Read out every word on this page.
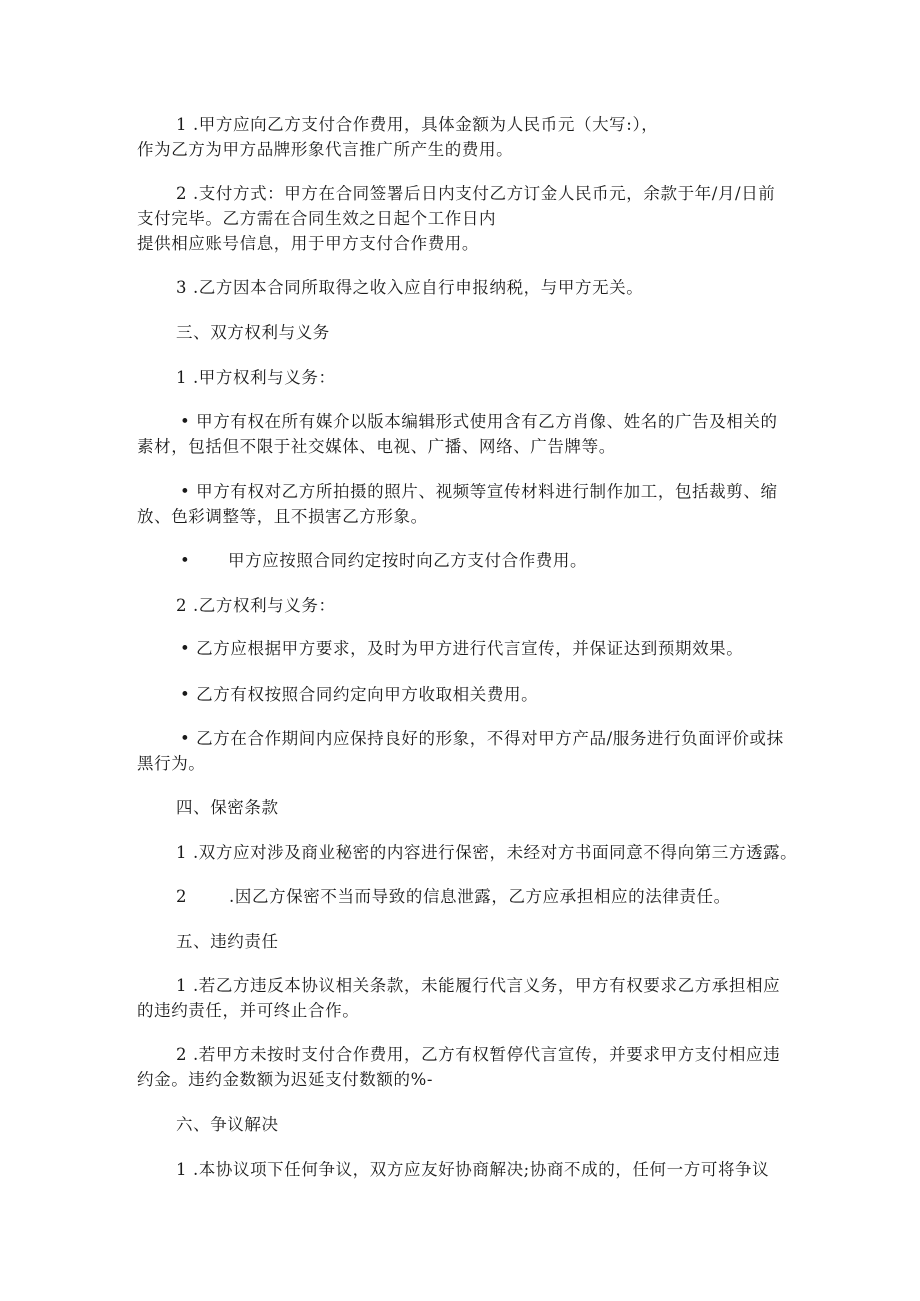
1 .甲方应向乙方支付合作费用，具体金额为人民币元（大写:），
作为乙方为甲方品牌形象代言推广所产生的费用。
2 .支付方式：甲方在合同签署后日内支付乙方订金人民币元，余款于年/月/日前
支付完毕。乙方需在合同生效之日起个工作日内
提供相应账号信息，用于甲方支付合作费用。
3 .乙方因本合同所取得之收入应自行申报纳税，与甲方无关。
三、双方权利与义务
1 .甲方权利与义务：
• 甲方有权在所有媒介以版本编辑形式使用含有乙方肖像、姓名的广告及相关的
素材，包括但不限于社交媒体、电视、广播、网络、广告牌等。
• 甲方有权对乙方所拍摄的照片、视频等宣传材料进行制作加工，包括裁剪、缩
放、色彩调整等，且不损害乙方形象。
• 甲方应按照合同约定按时向乙方支付合作费用。
2 .乙方权利与义务：
• 乙方应根据甲方要求，及时为甲方进行代言宣传，并保证达到预期效果。
• 乙方有权按照合同约定向甲方收取相关费用。
• 乙方在合作期间内应保持良好的形象，不得对甲方产品/服务进行负面评价或抹
黑行为。
四、保密条款
1 .双方应对涉及商业秘密的内容进行保密，未经对方书面同意不得向第三方透露。
2	.因乙方保密不当而导致的信息泄露，乙方应承担相应的法律责任。
五、违约责任
1 .若乙方违反本协议相关条款，未能履行代言义务，甲方有权要求乙方承担相应
的违约责任，并可终止合作。
2 .若甲方未按时支付合作费用，乙方有权暂停代言宣传，并要求甲方支付相应违
约金。违约金数额为迟延支付数额的%-
六、争议解决
1 .本协议项下任何争议，双方应友好协商解决;协商不成的，任何一方可将争议
